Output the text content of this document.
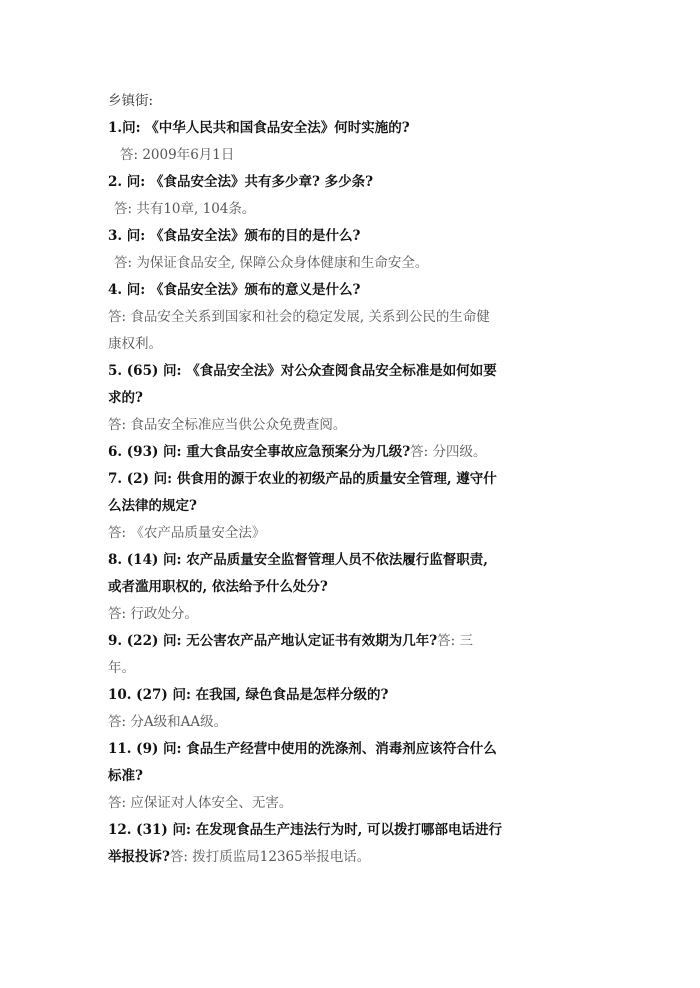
乡镇街:
1.问: 《中华人民共和国食品安全法》何时实施的?
答: 2009年6月1日
2. 问: 《食品安全法》共有多少章? 多少条?
答: 共有10章, 104条。
3. 问: 《食品安全法》颁布的目的是什么?
答: 为保证食品安全, 保障公众身体健康和生命安全。
4. 问: 《食品安全法》颁布的意义是什么?
答: 食品安全关系到国家和社会的稳定发展, 关系到公民的生命健
康权利。
5. (65) 问: 《食品安全法》对公众查阅食品安全标准是如何如要
求的?
答: 食品安全标准应当供公众免费查阅。
6. (93) 问: 重大食品安全事故应急预案分为几级?答: 分四级。
7. (2) 问: 供食用的源于农业的初级产品的质量安全管理, 遵守什
么法律的规定?
答: 《农产品质量安全法》
8. (14) 问: 农产品质量安全监督管理人员不依法履行监督职责,
或者滥用职权的, 依法给予什么处分?
答: 行政处分。
9. (22) 问: 无公害农产品产地认定证书有效期为几年?答: 三
年。
10. (27) 问: 在我国, 绿色食品是怎样分级的?
答: 分A级和AA级。
11. (9) 问: 食品生产经营中使用的洗涤剂、消毒剂应该符合什么
标准?
答: 应保证对人体安全、无害。
12. (31) 问: 在发现食品生产违法行为时, 可以拨打哪部电话进行
举报投诉?答: 拨打质监局12365举报电话。
